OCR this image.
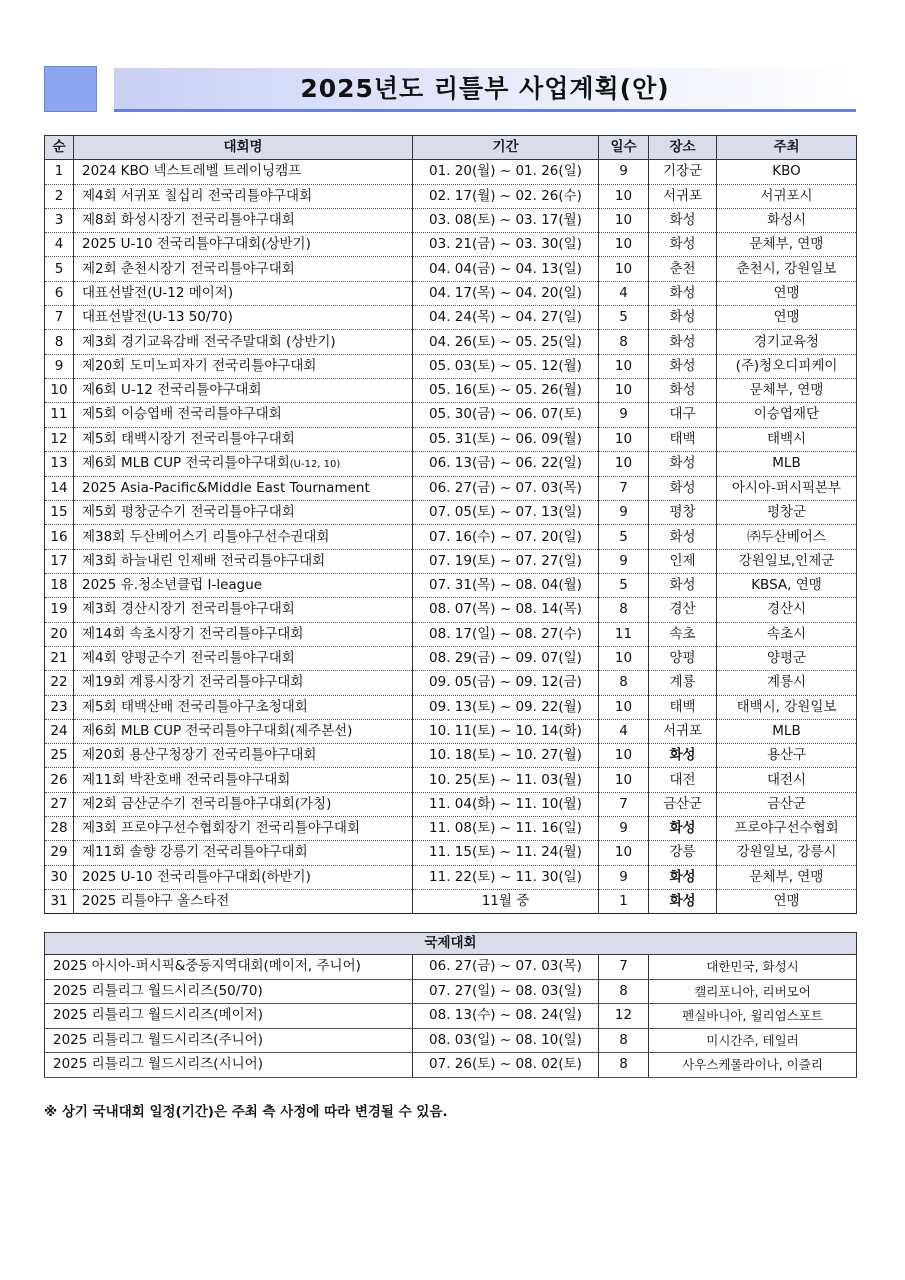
2025년도 리틀부 사업계획(안)
순	대회명	기간	일수	장소	주최
1	2024 KBO 넥스트레벨 트레이닝캠프	01. 20(월) ~ 01. 26(일)	9	기장군	KBO
2	제4회 서귀포 칠십리 전국리틀야구대회	02. 17(월) ~ 02. 26(수)	10	서귀포	서귀포시
3	제8회 화성시장기 전국리틀야구대회	03. 08(토) ~ 03. 17(월)	10	화성	화성시
4	2025 U-10 전국리틀야구대회(상반기)	03. 21(금) ~ 03. 30(일)	10	화성	문체부, 연맹
5	제2회 춘천시장기 전국리틀야구대회	04. 04(금) ~ 04. 13(일)	10	춘천	춘천시, 강원일보
6	대표선발전(U-12 메이저)	04. 17(목) ~ 04. 20(일)	4	화성	연맹
7	대표선발전(U-13 50/70)	04. 24(목) ~ 04. 27(일)	5	화성	연맹
8	제3회 경기교육감배 전국주말대회 (상반기)	04. 26(토) ~ 05. 25(일)	8	화성	경기교육청
9	제20회 도미노피자기 전국리틀야구대회	05. 03(토) ~ 05. 12(월)	10	화성	(주)청오디피케이
10	제6회 U-12 전국리틀야구대회	05. 16(토) ~ 05. 26(월)	10	화성	문체부, 연맹
11	제5회 이승엽배 전국리틀야구대회	05. 30(금) ~ 06. 07(토)	9	대구	이승엽재단
12	제5회 태백시장기 전국리틀야구대회	05. 31(토) ~ 06. 09(월)	10	태백	태백시
13	제6회 MLB CUP 전국리틀야구대회(U-12, 10)	06. 13(금) ~ 06. 22(일)	10	화성	MLB
14	2025 Asia-Pacific&Middle East Tournament	06. 27(금) ~ 07. 03(목)	7	화성	아시아-퍼시픽본부
15	제5회 평창군수기 전국리틀야구대회	07. 05(토) ~ 07. 13(일)	9	평창	평창군
16	제38회 두산베어스기 리틀야구선수권대회	07. 16(수) ~ 07. 20(일)	5	화성	㈜두산베어스
17	제3회 하늘내린 인제배 전국리틀야구대회	07. 19(토) ~ 07. 27(일)	9	인제	강원일보,인제군
18	2025 유.청소년클럽 I-league	07. 31(목) ~ 08. 04(월)	5	화성	KBSA, 연맹
19	제3회 경산시장기 전국리틀야구대회	08. 07(목) ~ 08. 14(목)	8	경산	경산시
20	제14회 속초시장기 전국리틀야구대회	08. 17(일) ~ 08. 27(수)	11	속초	속초시
21	제4회 양평군수기 전국리틀야구대회	08. 29(금) ~ 09. 07(일)	10	양평	양평군
22	제19회 계룡시장기 전국리틀야구대회	09. 05(금) ~ 09. 12(금)	8	계룡	계룡시
23	제5회 태백산배 전국리틀야구초청대회	09. 13(토) ~ 09. 22(월)	10	태백	태백시, 강원일보
24	제6회 MLB CUP 전국리틀야구대회(제주본선)	10. 11(토) ~ 10. 14(화)	4	서귀포	MLB
25	제20회 용산구청장기 전국리틀야구대회	10. 18(토) ~ 10. 27(월)	10	화성	용산구
26	제11회 박찬호배 전국리틀야구대회	10. 25(토) ~ 11. 03(월)	10	대전	대전시
27	제2회 금산군수기 전국리틀야구대회(가칭)	11. 04(화) ~ 11. 10(월)	7	금산군	금산군
28	제3회 프로야구선수협회장기 전국리틀야구대회	11. 08(토) ~ 11. 16(일)	9	화성	프로야구선수협회
29	제11회 솔향 강릉기 전국리틀야구대회	11. 15(토) ~ 11. 24(월)	10	강릉	강원일보, 강릉시
30	2025 U-10 전국리틀야구대회(하반기)	11. 22(토) ~ 11. 30(일)	9	화성	문체부, 연맹
31	2025 리틀야구 올스타전	11월 중	1	화성	연맹
국제대회			
2025 아시아-퍼시픽&중동지역대회(메이저, 주니어)	06. 27(금) ~ 07. 03(목)	7	대한민국, 화성시
2025 리틀리그 월드시리즈(50/70)	07. 27(일) ~ 08. 03(일)	8	캘리포니아, 리버모어
2025 리틀리그 월드시리즈(메이저)	08. 13(수) ~ 08. 24(일)	12	펜실바니아, 윌리엄스포트
2025 리틀리그 월드시리즈(주니어)	08. 03(일) ~ 08. 10(일)	8	미시간주, 테일러
2025 리틀리그 월드시리즈(시니어)	07. 26(토) ~ 08. 02(토)	8	사우스케롤라이나, 이즐리
※ 상기 국내대회 일정(기간)은 주최 측 사정에 따라 변경될 수 있음.
